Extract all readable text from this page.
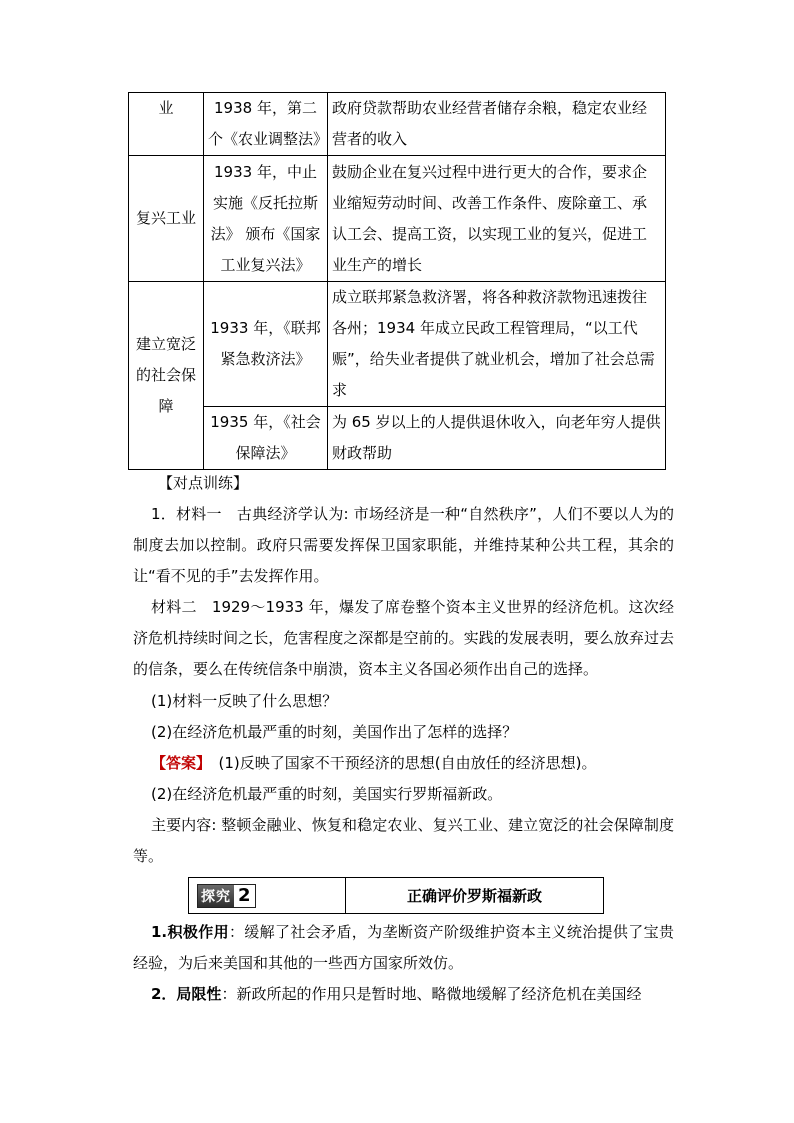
业	1938 年，第二个《农业调整法》	政府贷款帮助农业经营者储存余粮，稳定农业经营者的收入
复兴工业	1933 年，中止实施《反托拉斯法》 颁布《国家工业复兴法》	鼓励企业在复兴过程中进行更大的合作，要求企业缩短劳动时间、改善工作条件、废除童工、承认工会、提高工资，以实现工业的复兴，促进工业生产的增长
建立宽泛的社会保障	1933 年，《联邦紧急救济法》	成立联邦紧急救济署，将各种救济款物迅速拨往各州；1934 年成立民政工程管理局，“以工代赈”，给失业者提供了就业机会，增加了社会总需求
	1935 年，《社会保障法》	为 65 岁以上的人提供退休收入，向老年穷人提供财政帮助
【对点训练】
1．材料一　古典经济学认为: 市场经济是一种“自然秩序”，人们不要以人为的制度去加以控制。政府只需要发挥保卫国家职能，并维持某种公共工程，其余的让“看不见的手”去发挥作用。
材料二　1929～1933 年，爆发了席卷整个资本主义世界的经济危机。这次经济危机持续时间之长，危害程度之深都是空前的。实践的发展表明，要么放弃过去的信条，要么在传统信条中崩溃，资本主义各国必须作出自己的选择。
(1)材料一反映了什么思想？
(2)在经济危机最严重的时刻，美国作出了怎样的选择？
【答案】　(1)反映了国家不干预经济的思想(自由放任的经济思想)。
(2)在经济危机最严重的时刻，美国实行罗斯福新政。
主要内容: 整顿金融业、恢复和稳定农业、复兴工业、建立宽泛的社会保障制度等。
探究 2	正确评价罗斯福新政
1.积极作用：缓解了社会矛盾，为垄断资产阶级维护资本主义统治提供了宝贵经验，为后来美国和其他的一些西方国家所效仿。
2．局限性：新政所起的作用只是暂时地、略微地缓解了经济危机在美国经
